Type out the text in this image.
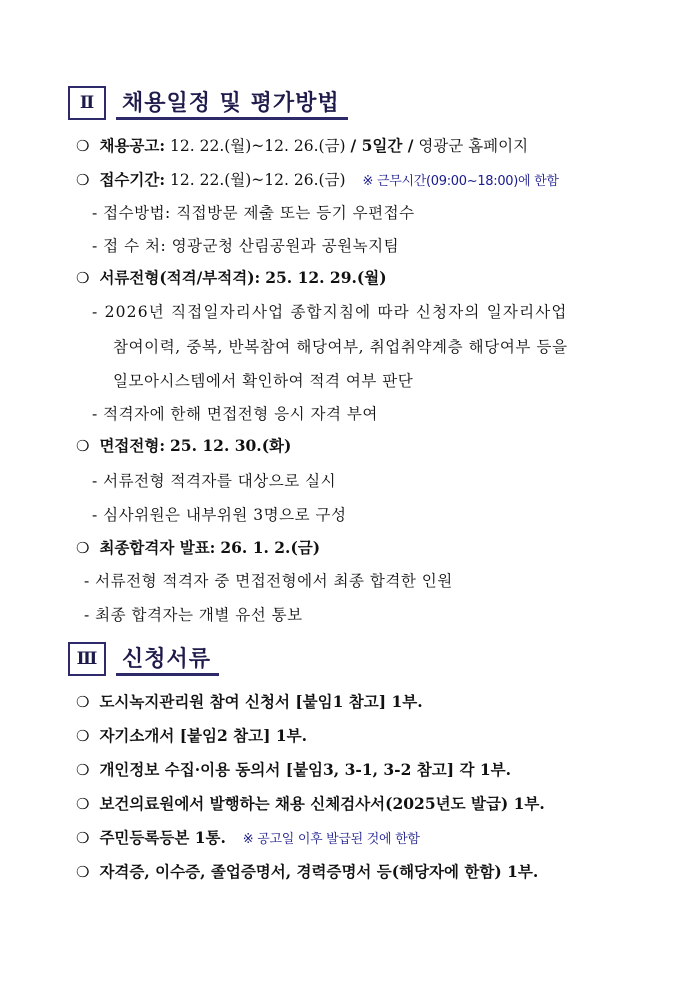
Ⅱ	채용일정 및 평가방법
❍ 채용공고: 12. 22.(월)~12. 26.(금) / 5일간 / 영광군 홈페이지
❍ 접수기간: 12. 22.(월)~12. 26.(금) ※ 근무시간(09:00~18:00)에 한함
- 접수방법: 직접방문 제출 또는 등기 우편접수
- 접 수 처: 영광군청 산림공원과 공원녹지팀
❍ 서류전형(적격/부적격): 25. 12. 29.(월)
- 2026년 직접일자리사업 종합지침에 따라 신청자의 일자리사업
참여이력, 중복, 반복참여 해당여부, 취업취약계층 해당여부 등을
일모아시스템에서 확인하여 적격 여부 판단
- 적격자에 한해 면접전형 응시 자격 부여
❍ 면접전형: 25. 12. 30.(화)
- 서류전형 적격자를 대상으로 실시
- 심사위원은 내부위원 3명으로 구성
❍ 최종합격자 발표: 26. 1. 2.(금)
- 서류전형 적격자 중 면접전형에서 최종 합격한 인원
- 최종 합격자는 개별 유선 통보
Ⅲ	신청서류
❍ 도시녹지관리원 참여 신청서 [붙임1 참고] 1부.
❍ 자기소개서 [붙임2 참고] 1부.
❍ 개인정보 수집·이용 동의서 [붙임3, 3-1, 3-2 참고] 각 1부.
❍ 보건의료원에서 발행하는 채용 신체검사서(2025년도 발급) 1부.
❍ 주민등록등본 1통. ※ 공고일 이후 발급된 것에 한함
❍ 자격증, 이수증, 졸업증명서, 경력증명서 등(해당자에 한함) 1부.
